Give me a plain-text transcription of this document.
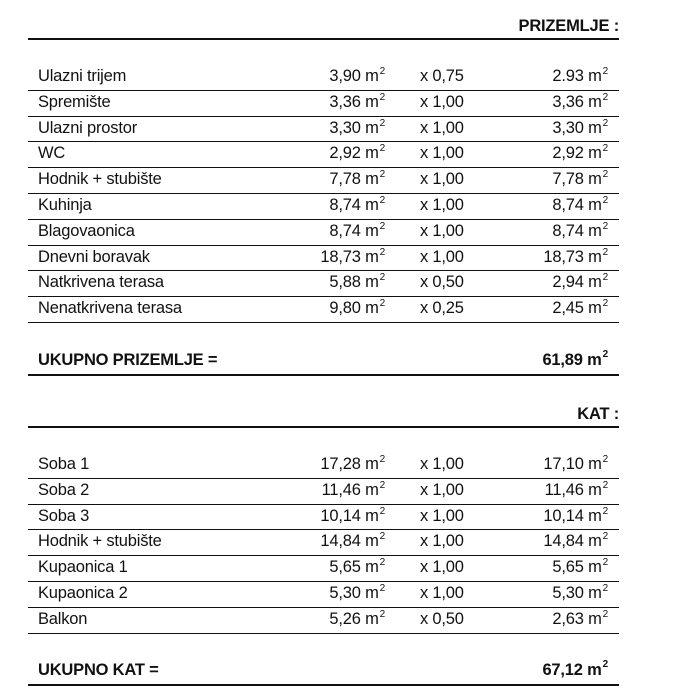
PRIZEMLJE :
Ulazni trijem	3,90 $m^2$ x 0,75	2.93 $m^2$
Spremište	3,36 $m^2$ x 1,00	3,36 $m^2$
Ulazni prostor	3,30 $m^2$ x 1,00	3,30 $m^2$
WC	2,92 $m^2$ x 1,00	2,92 $m^2$
Hodnik + stubište	7,78 $m^2$ x 1,00	7,78 $m^2$
Kuhinja	8,74 $m^2$ x 1,00	8,74 $m^2$
Blagovaonica	8,74 $m^2$ x 1,00	8,74 $m^2$
Dnevni boravak	18,73 $m^2$ x 1,00	18,73 $m^2$
Natkrivena terasa	5,88 $m^2$ x 0,50	2,94 $m^2$
Nenatkrivena terasa	9,80 $m^2$ x 0,25	2,45 $m^2$
UKUPNO PRIZEMLJE =	61,89 $m^2$
KAT :
Soba 1	17,28 $m^2$ x 1,00	17,10 $m^2$
Soba 2	11,46 $m^2$ x 1,00	11,46 $m^2$
Soba 3	10,14 $m^2$ x 1,00	10,14 $m^2$
Hodnik + stubište	14,84 $m^2$ x 1,00	14,84 $m^2$
Kupaonica 1	5,65 $m^2$ x 1,00	5,65 $m^2$
Kupaonica 2	5,30 $m^2$ x 1,00	5,30 $m^2$
Balkon	5,26 $m^2$ x 0,50	2,63 $m^2$
UKUPNO KAT =	67,12 $m^2$
